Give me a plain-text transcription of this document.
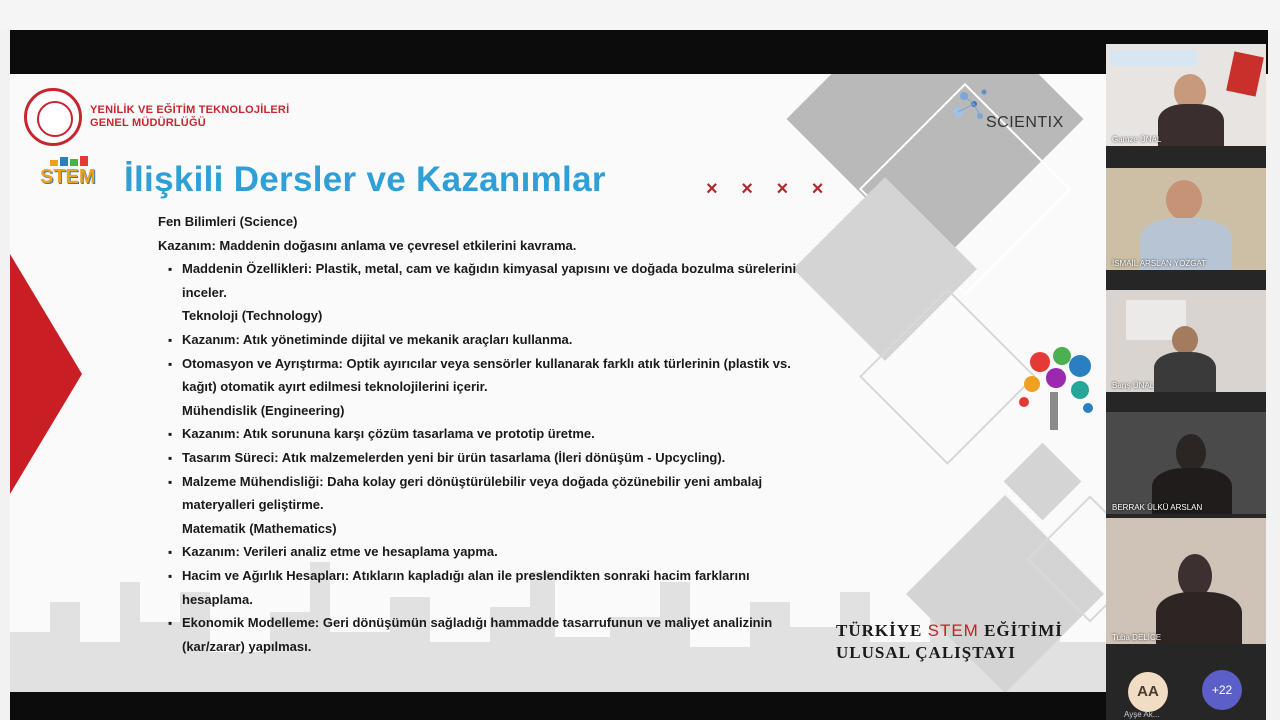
YENİLİK VE EĞİTİM TEKNOLOJİLERİ
GENEL MÜDÜRLÜĞÜ	SCIENTIX
STEM İlişkili Dersler ve Kazanımlar	× × × ×
Fen Bilimleri (Science)
Kazanım: Maddenin doğasını anlama ve çevresel etkilerini kavrama.
▪ Maddenin Özellikleri: Plastik, metal, cam ve kağıdın kimyasal yapısını ve doğada bozulma sürelerini
inceler.
Teknoloji (Technology)
▪ Kazanım: Atık yönetiminde dijital ve mekanik araçları kullanma.
▪ Otomasyon ve Ayrıştırma: Optik ayırıcılar veya sensörler kullanarak farklı atık türlerinin (plastik vs.
kağıt) otomatik ayırt edilmesi teknolojilerini içerir.
Mühendislik (Engineering)
▪ Kazanım: Atık sorununa karşı çözüm tasarlama ve prototip üretme.
▪ Tasarım Süreci: Atık malzemelerden yeni bir ürün tasarlama (İleri dönüşüm - Upcycling).
▪ Malzeme Mühendisliği: Daha kolay geri dönüştürülebilir veya doğada çözünebilir yeni ambalaj
materyalleri geliştirme.
Matematik (Mathematics)
▪ Kazanım: Verileri analiz etme ve hesaplama yapma.
▪ Hacim ve Ağırlık Hesapları: Atıkların kapladığı alan ile preslendikten sonraki hacim farklarını
hesaplama.
▪ Ekonomik Modelleme: Geri dönüşümün sağladığı hammadde tasarrufunun ve maliyet analizinin
(kar/zarar) yapılması.
TÜRKİYE STEM EĞİTİMİ
ULUSAL ÇALIŞTAYI
Gamze ÜNAL
İSMAİL ARSLAN YOZGAT
Barış ÜNAL
BERRAK ÜLKÜ ARSLAN
Tuba DELİCE
AA
Ayşe Ak...
+22
